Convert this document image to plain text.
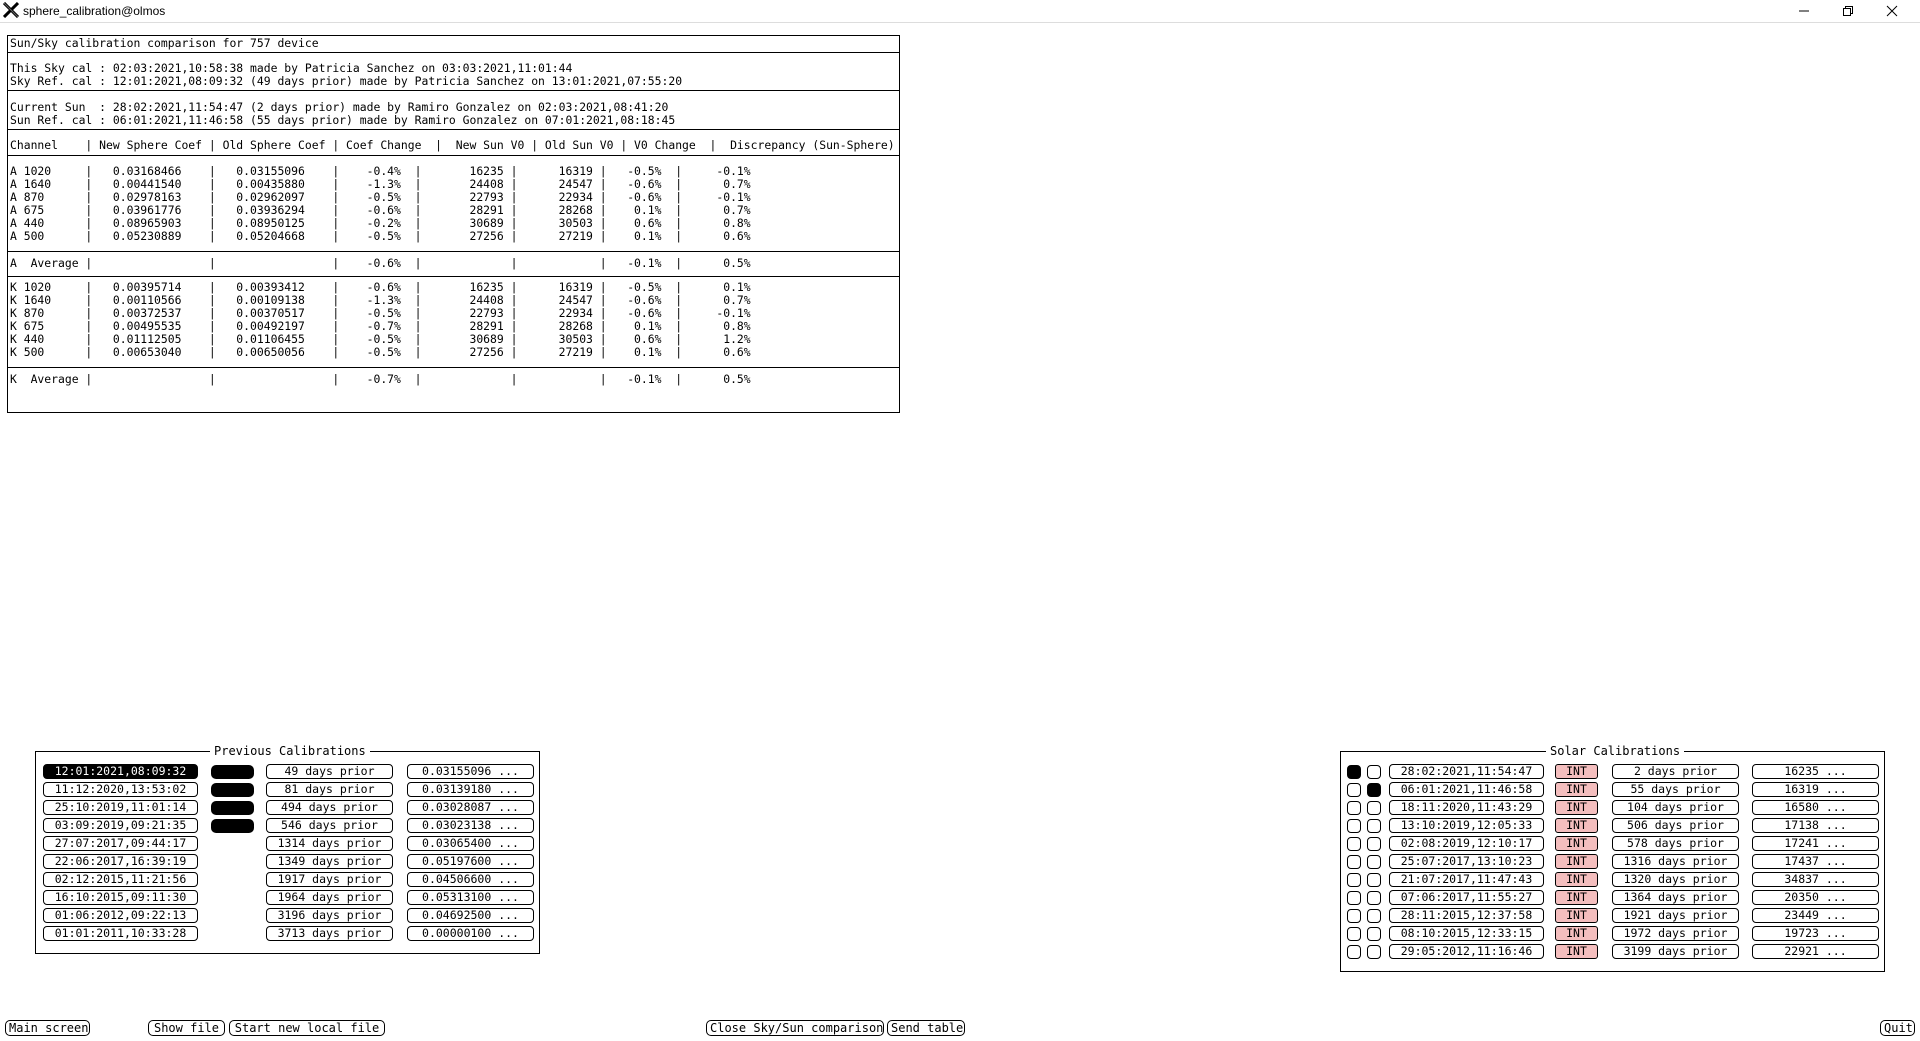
sphere_calibration@olmos

Sun/Sky calibration comparison for 757 device

This Sky cal : 02:03:2021,10:58:38 made by Patricia Sanchez on 03:03:2021,11:01:44

Sky Ref. cal : 12:01:2021,08:09:32 (49 days prior) made by Patricia Sanchez on 13:01:2021,07:55:20

Current Sun  : 28:02:2021,11:54:47 (2 days prior) made by Ramiro Gonzalez on 02:03:2021,08:41:20

Sun Ref. cal : 06:01:2021,11:46:58 (55 days prior) made by Ramiro Gonzalez on 07:01:2021,08:18:45

Channel    | New Sphere Coef | Old Sphere Coef | Coef Change  |  New Sun V0 | Old Sun V0 | V0 Change  |  Discrepancy (Sun-Sphere)

A 1020     |   0.03168466    |   0.03155096    |    -0.4%  |       16235 |      16319 |   -0.5%  |     -0.1%

A 1640     |   0.00441540    |   0.00435880    |    -1.3%  |       24408 |      24547 |   -0.6%  |      0.7%

A 870      |   0.02978163    |   0.02962097    |    -0.5%  |       22793 |      22934 |   -0.6%  |     -0.1%

A 675      |   0.03961776    |   0.03936294    |    -0.6%  |       28291 |      28268 |    0.1%  |      0.7%

A 440      |   0.08965903    |   0.08950125    |    -0.2%  |       30689 |      30503 |    0.6%  |      0.8%

A 500      |   0.05230889    |   0.05204668    |    -0.5%  |       27256 |      27219 |    0.1%  |      0.6%

A  Average |                 |                 |    -0.6%  |             |            |   -0.1%  |      0.5%

K 1020     |   0.00395714    |   0.00393412    |    -0.6%  |       16235 |      16319 |   -0.5%  |      0.1%

K 1640     |   0.00110566    |   0.00109138    |    -1.3%  |       24408 |      24547 |   -0.6%  |      0.7%

K 870      |   0.00372537    |   0.00370517    |    -0.5%  |       22793 |      22934 |   -0.6%  |     -0.1%

K 675      |   0.00495535    |   0.00492197    |    -0.7%  |       28291 |      28268 |    0.1%  |      0.8%

K 440      |   0.01112505    |   0.01106455    |    -0.5%  |       30689 |      30503 |    0.6%  |      1.2%

K 500      |   0.00653040    |   0.00650056    |    -0.5%  |       27256 |      27219 |    0.1%  |      0.6%

K  Average |                 |                 |    -0.7%  |             |            |   -0.1%  |      0.5%

Previous Calibrations
12:01:2021,08:09:32	49 days prior	0.03155096 ...
11:12:2020,13:53:02	81 days prior	0.03139180 ...
25:10:2019,11:01:14	494 days prior	0.03028087 ...
03:09:2019,09:21:35	546 days prior	0.03023138 ...
27:07:2017,09:44:17	1314 days prior	0.03065400 ...
22:06:2017,16:39:19	1349 days prior	0.05197600 ...
02:12:2015,11:21:56	1917 days prior	0.04506600 ...
16:10:2015,09:11:30	1964 days prior	0.05313100 ...
01:06:2012,09:22:13	3196 days prior	0.04692500 ...
01:01:2011,10:33:28	3713 days prior	0.00000100 ...
Solar Calibrations
28:02:2021,11:54:47	INT	2 days prior	16235 ...
06:01:2021,11:46:58	INT	55 days prior	16319 ...
18:11:2020,11:43:29	INT	104 days prior	16580 ...
13:10:2019,12:05:33	INT	506 days prior	17138 ...
02:08:2019,12:10:17	INT	578 days prior	17241 ...
25:07:2017,13:10:23	INT	1316 days prior	17437 ...
21:07:2017,11:47:43	INT	1320 days prior	34837 ...
07:06:2017,11:55:27	INT	1364 days prior	20350 ...
28:11:2015,12:37:58	INT	1921 days prior	23449 ...
08:10:2015,12:33:15	INT	1972 days prior	19723 ...
29:05:2012,11:16:46	INT	3199 days prior	22921 ...
Main screen	Show file	Start new local file	Close Sky/Sun comparison Send table	Quit
